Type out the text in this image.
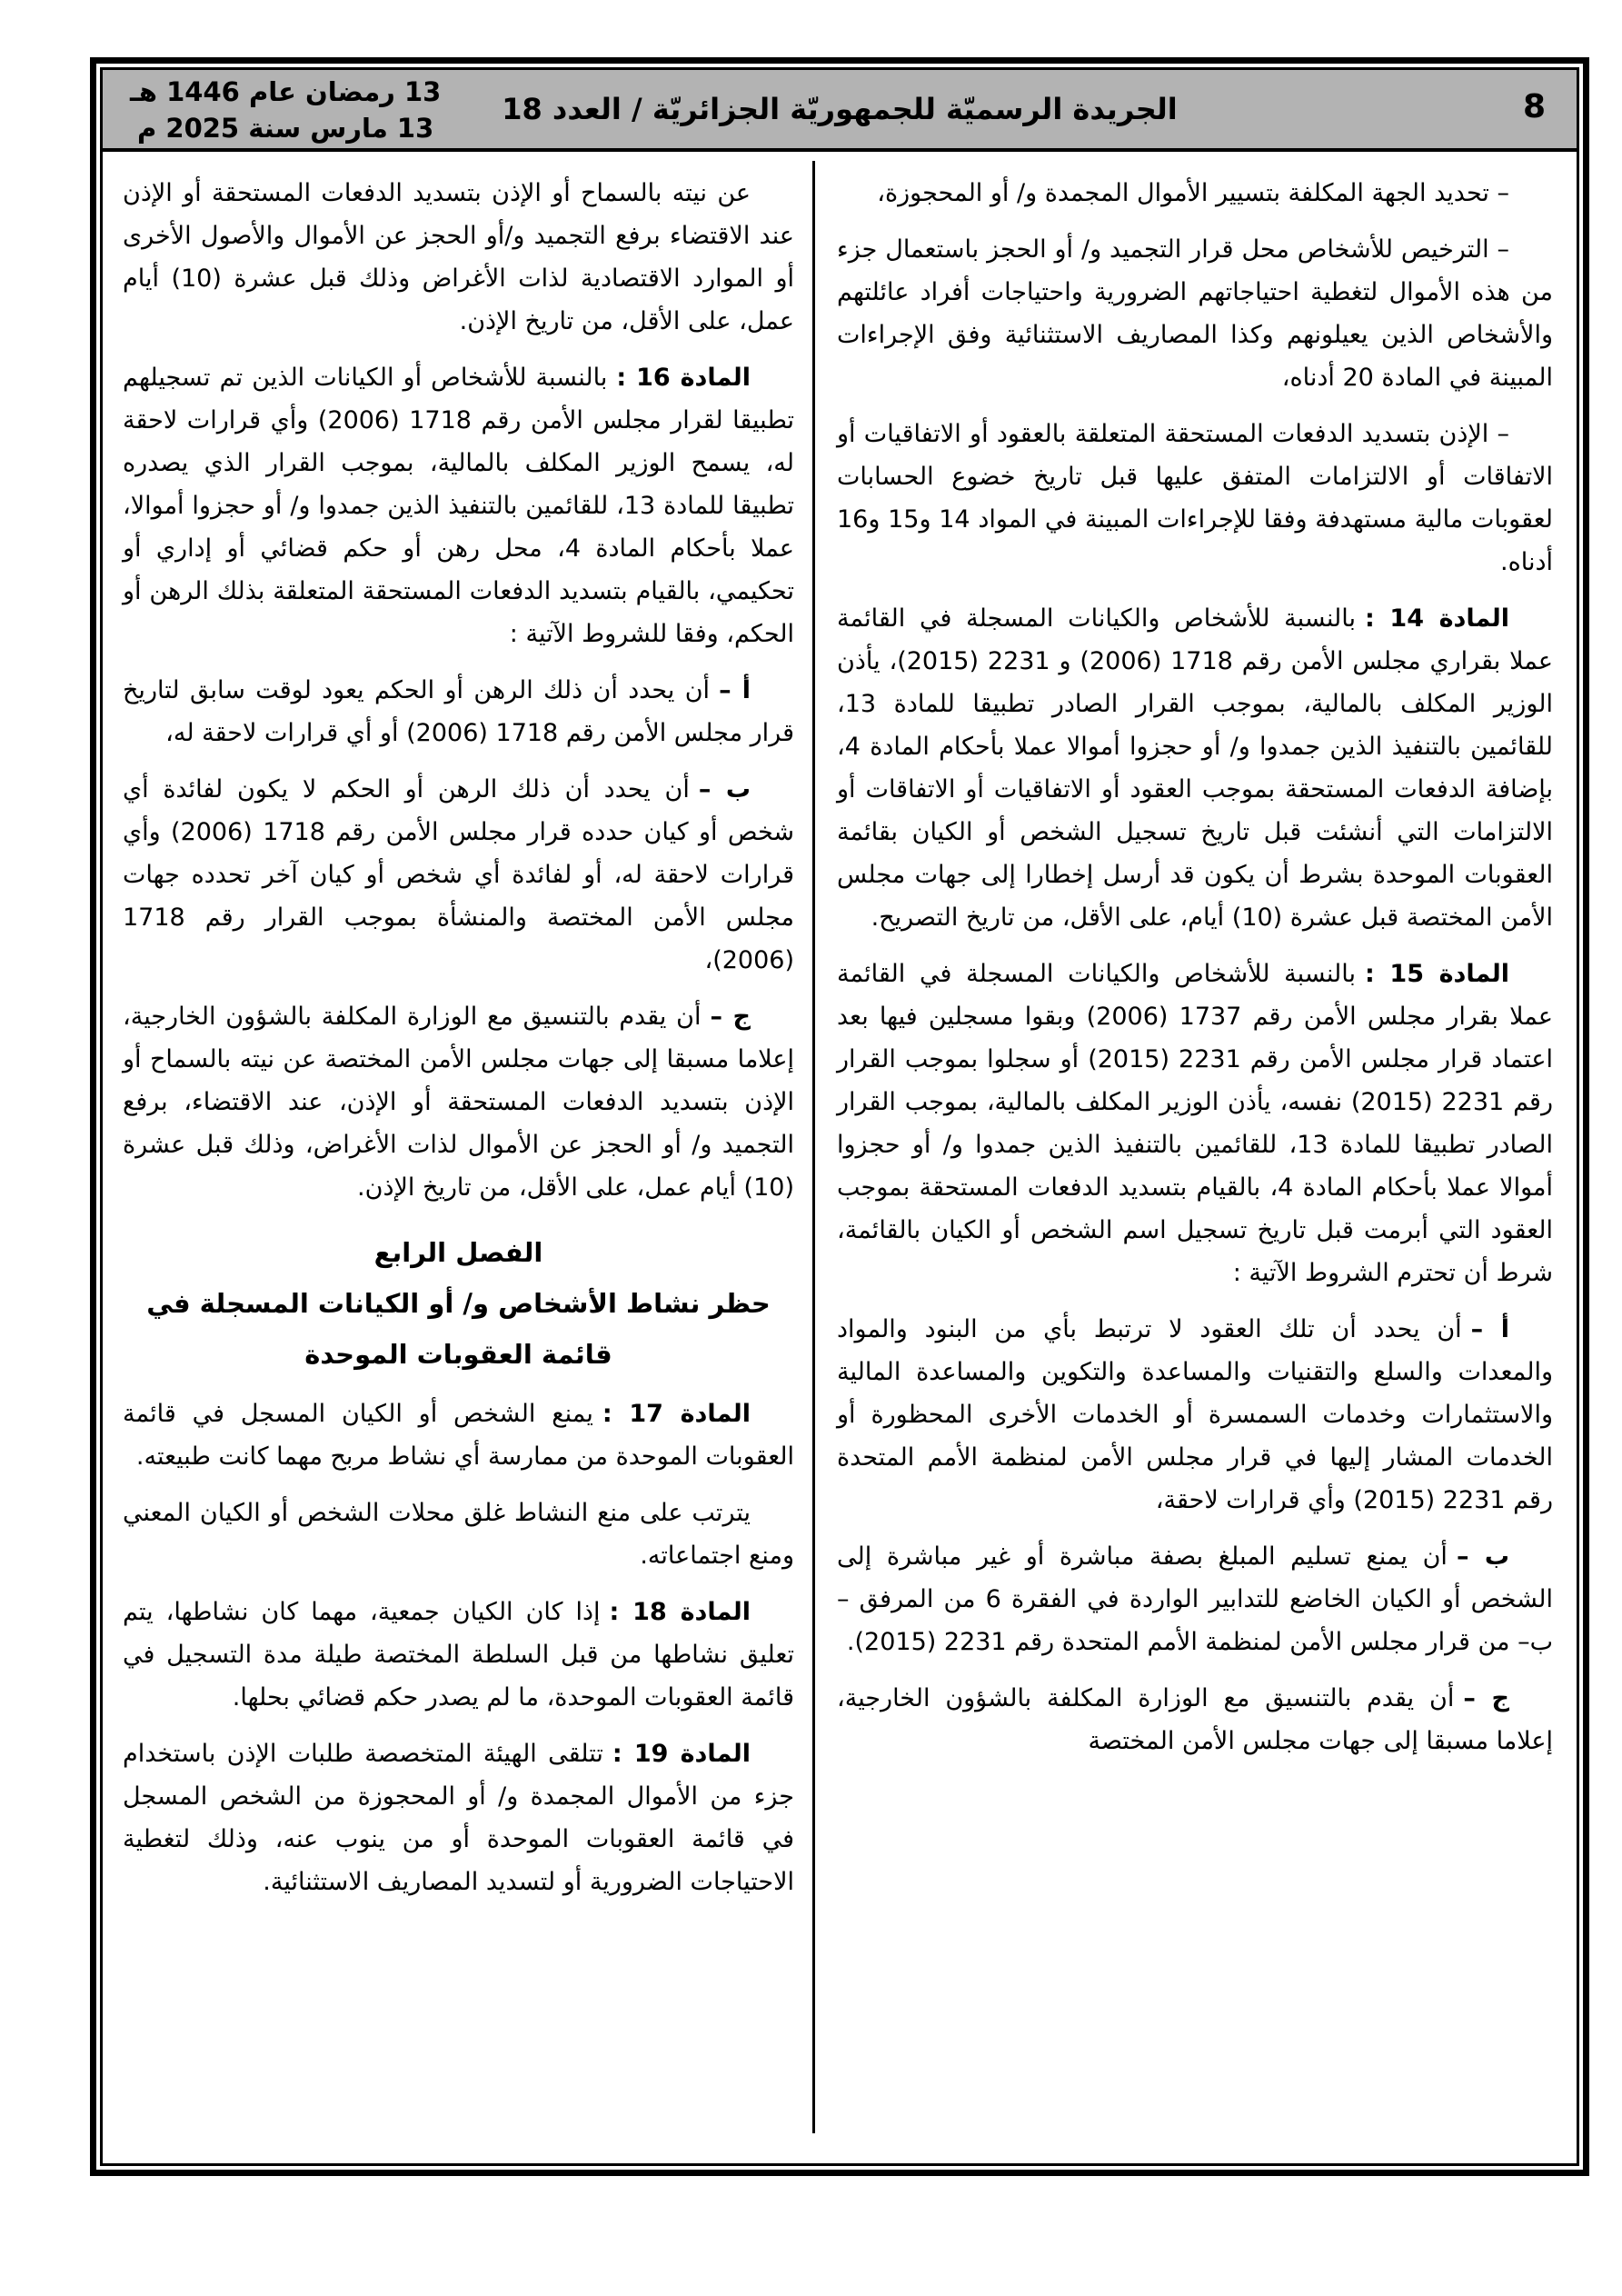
13 رمضان عام 1446 هـ
13 مارس سنة 2025 م
الجريدة الرسميّة للجمهوريّة الجزائريّة / العدد 18	8

– تحديد الجهة المكلفة بتسيير الأموال المجمدة و/ أو المحجوزة،

– الترخيص للأشخاص محل قرار التجميد و/ أو الحجز باستعمال جزء من هذه الأموال لتغطية احتياجاتهم الضرورية واحتياجات أفراد عائلتهم والأشخاص الذين يعيلونهم وكذا المصاريف الاستثنائية وفق الإجراءات المبينة في المادة 20 أدناه،

– الإذن بتسديد الدفعات المستحقة المتعلقة بالعقود أو الاتفاقيات أو الاتفاقات أو الالتزامات المتفق عليها قبل تاريخ خضوع الحسابات لعقوبات مالية مستهدفة وفقا للإجراءات المبينة في المواد 14 و15 و16 أدناه.

المادة 14 :بالنسبة للأشخاص والكيانات المسجلة في القائمة عملا بقراري مجلس الأمن رقم 1718 (2006) و 2231 (2015)، يأذن الوزير المكلف بالمالية، بموجب القرار الصادر تطبيقا للمادة 13، للقائمين بالتنفيذ الذين جمدوا و/ أو حجزوا أموالا عملا بأحكام المادة 4، بإضافة الدفعات المستحقة بموجب العقود أو الاتفاقيات أو الاتفاقات أو الالتزامات التي أنشئت قبل تاريخ تسجيل الشخص أو الكيان بقائمة العقوبات الموحدة بشرط أن يكون قد أرسل إخطارا إلى جهات مجلس الأمن المختصة قبل عشرة (10) أيام، على الأقل، من تاريخ التصريح.

المادة 15 :بالنسبة للأشخاص والكيانات المسجلة في القائمة عملا بقرار مجلس الأمن رقم 1737 (2006) وبقوا مسجلين فيها بعد اعتماد قرار مجلس الأمن رقم 2231 (2015) أو سجلوا بموجب القرار رقم 2231 (2015) نفسه، يأذن الوزير المكلف بالمالية، بموجب القرار الصادر تطبيقا للمادة 13، للقائمين بالتنفيذ الذين جمدوا و/ أو حجزوا أموالا عملا بأحكام المادة 4، بالقيام بتسديد الدفعات المستحقة بموجب العقود التي أبرمت قبل تاريخ تسجيل اسم الشخص أو الكيان بالقائمة، شرط أن تحترم الشروط الآتية :

أ –أن يحدد أن تلك العقود لا ترتبط بأي من البنود والمواد والمعدات والسلع والتقنيات والمساعدة والتكوين والمساعدة المالية والاستثمارات وخدمات السمسرة أو الخدمات الأخرى المحظورة أو الخدمات المشار إليها في قرار مجلس الأمن لمنظمة الأمم المتحدة رقم 2231 (2015) وأي قرارات لاحقة،

ب –أن يمنع تسليم المبلغ بصفة مباشرة أو غير مباشرة إلى الشخص أو الكيان الخاضع للتدابير الواردة في الفقرة 6 من المرفق –ب– من قرار مجلس الأمن لمنظمة الأمم المتحدة رقم 2231 (2015).

ج –أن يقدم بالتنسيق مع الوزارة المكلفة بالشؤون الخارجية، إعلاما مسبقا إلى جهات مجلس الأمن المختصة

عن نيته بالسماح أو الإذن بتسديد الدفعات المستحقة أو الإذن عند الاقتضاء برفع التجميد و/أو الحجز عن الأموال والأصول الأخرى أو الموارد الاقتصادية لذات الأغراض وذلك قبل عشرة (10) أيام عمل، على الأقل، من تاريخ الإذن.

المادة 16 :بالنسبة للأشخاص أو الكيانات الذين تم تسجيلهم تطبيقا لقرار مجلس الأمن رقم 1718 (2006) وأي قرارات لاحقة له، يسمح الوزير المكلف بالمالية، بموجب القرار الذي يصدره تطبيقا للمادة 13، للقائمين بالتنفيذ الذين جمدوا و/ أو حجزوا أموالا، عملا بأحكام المادة 4، محل رهن أو حكم قضائي أو إداري أو تحكيمي، بالقيام بتسديد الدفعات المستحقة المتعلقة بذلك الرهن أو الحكم، وفقا للشروط الآتية :

أ –أن يحدد أن ذلك الرهن أو الحكم يعود لوقت سابق لتاريخ قرار مجلس الأمن رقم 1718 (2006) أو أي قرارات لاحقة له،

ب –أن يحدد أن ذلك الرهن أو الحكم لا يكون لفائدة أي شخص أو كيان حدده قرار مجلس الأمن رقم 1718 (2006) وأي قرارات لاحقة له، أو لفائدة أي شخص أو كيان آخر تحدده جهات مجلس الأمن المختصة والمنشأة بموجب القرار رقم 1718 (2006)،

ج –أن يقدم بالتنسيق مع الوزارة المكلفة بالشؤون الخارجية، إعلاما مسبقا إلى جهات مجلس الأمن المختصة عن نيته بالسماح أو الإذن بتسديد الدفعات المستحقة أو الإذن، عند الاقتضاء، برفع التجميد و/ أو الحجز عن الأموال لذات الأغراض، وذلك قبل عشرة (10) أيام عمل، على الأقل، من تاريخ الإذن.

الفصل الرابع
حظر نشاط الأشخاص و/ أو الكيانات المسجلة في
قائمة العقوبات الموحدة

المادة 17 :يمنع الشخص أو الكيان المسجل في قائمة العقوبات الموحدة من ممارسة أي نشاط مربح مهما كانت طبيعته.

يترتب على منع النشاط غلق محلات الشخص أو الكيان المعني ومنع اجتماعاته.

المادة 18 :إذا كان الكيان جمعية، مهما كان نشاطها، يتم تعليق نشاطها من قبل السلطة المختصة طيلة مدة التسجيل في قائمة العقوبات الموحدة، ما لم يصدر حكم قضائي بحلها.

المادة 19 :تتلقى الهيئة المتخصصة طلبات الإذن باستخدام جزء من الأموال المجمدة و/ أو المحجوزة من الشخص المسجل في قائمة العقوبات الموحدة أو من ينوب عنه، وذلك لتغطية الاحتياجات الضرورية أو لتسديد المصاريف الاستثنائية.
